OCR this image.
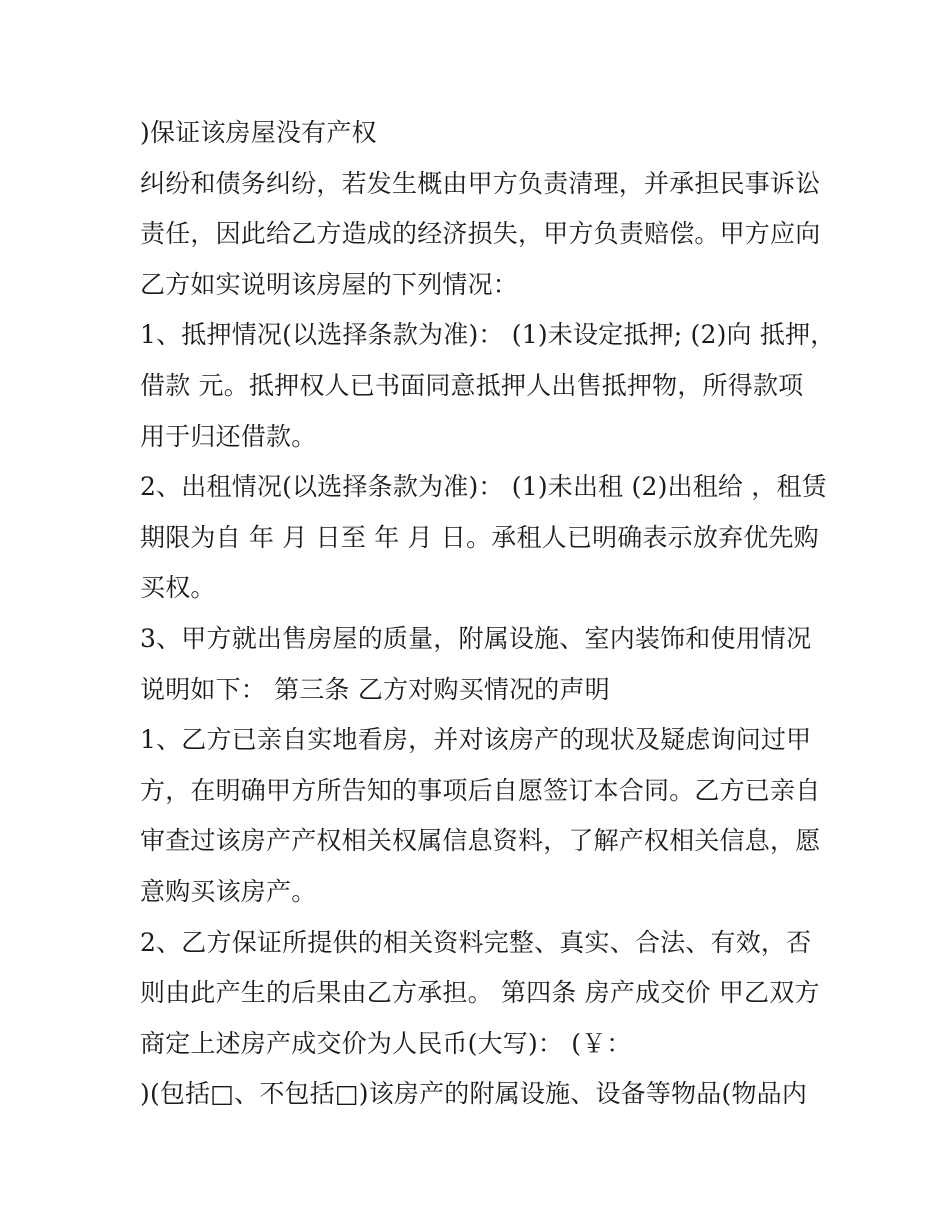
)保证该房屋没有产权
纠纷和债务纠纷，若发生概由甲方负责清理，并承担民事诉讼
责任，因此给乙方造成的经济损失，甲方负责赔偿。甲方应向
乙方如实说明该房屋的下列情况：
1、抵押情况(以选择条款为准)： (1)未设定抵押; (2)向 抵押，
借款 元。抵押权人已书面同意抵押人出售抵押物，所得款项
用于归还借款。
2、出租情况(以选择条款为准)： (1)未出租 (2)出租给 ，租赁
期限为自 年 月 日至 年 月 日。承租人已明确表示放弃优先购
买权。
3、甲方就出售房屋的质量，附属设施、室内装饰和使用情况
说明如下： 第三条 乙方对购买情况的声明
1、乙方已亲自实地看房，并对该房产的现状及疑虑询问过甲
方，在明确甲方所告知的事项后自愿签订本合同。乙方已亲自
审查过该房产产权相关权属信息资料，了解产权相关信息，愿
意购买该房产。
2、乙方保证所提供的相关资料完整、真实、合法、有效，否
则由此产生的后果由乙方承担。 第四条 房产成交价 甲乙双方
商定上述房产成交价为人民币(大写)： (￥：
)(包括□、不包括□)该房产的附属设施、设备等物品(物品内
